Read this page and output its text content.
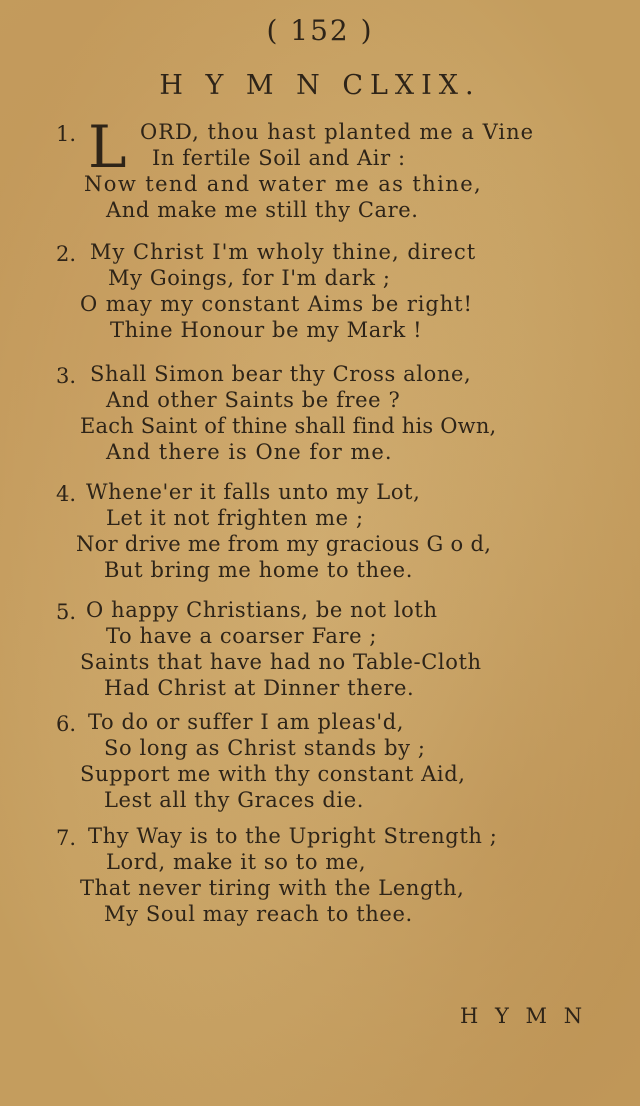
( 152 )
H Y M N CLXIX.
1. L ORD, thou hast planted me a Vine
In fertile Soil and Air :
Now tend and water me as thine,
And make me still thy Care.
2. My Christ I'm wholy thine, direct
My Goings, for I'm dark ;
O may my constant Aims be right!
Thine Honour be my Mark !
3. Shall Simon bear thy Cross alone,
And other Saints be free ?
Each Saint of thine shall find his Own,
And there is One for me.
4. Whene'er it falls unto my Lot,
Let it not frighten me ;
Nor drive me from my gracious G o d,
But bring me home to thee.
5. O happy Christians, be not loth
To have a coarser Fare ;
Saints that have had no Table-Cloth
Had Christ at Dinner there.
6. To do or suffer I am pleas'd,
So long as Christ stands by ;
Support me with thy constant Aid,
Lest all thy Graces die.
7. Thy Way is to the Upright Strength ;
Lord, make it so to me,
That never tiring with the Length,
My Soul may reach to thee.
H Y M N
